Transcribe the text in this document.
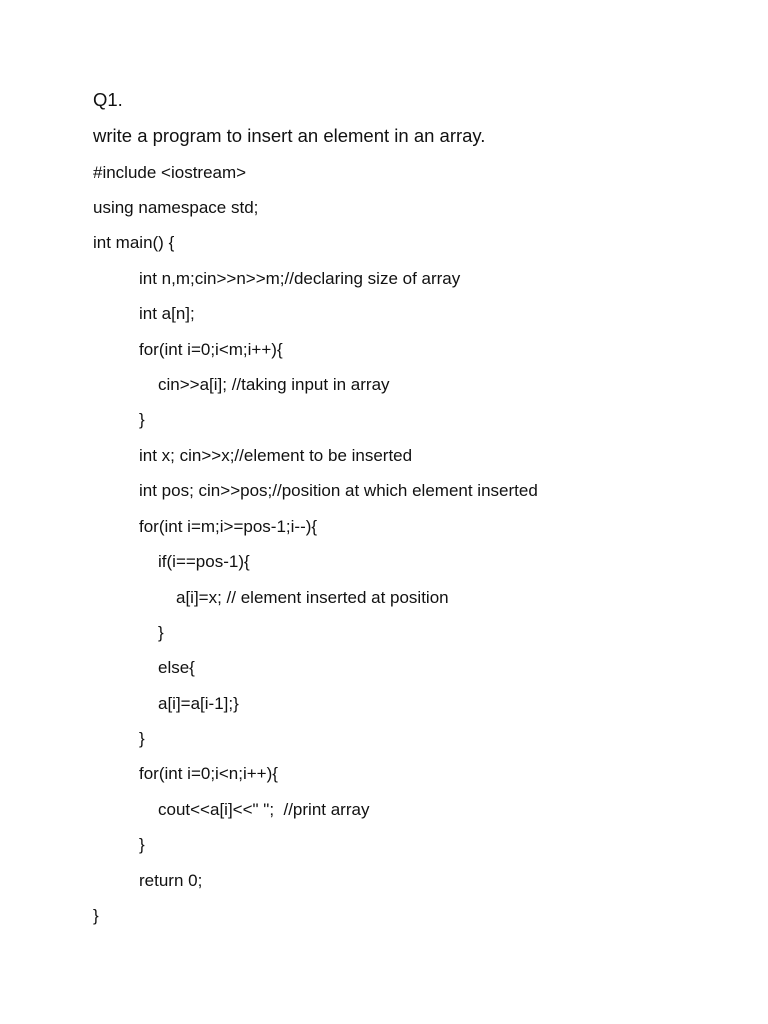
Q1.
write a program to insert an element in an array.

#include <iostream>

using namespace std;

int main() {

int n,m;cin>>n>>m;//declaring size of array

int a[n];

for(int i=0;i<m;i++){

cin>>a[i]; //taking input in array

}

int x; cin>>x;//element to be inserted

int pos; cin>>pos;//position at which element inserted

for(int i=m;i>=pos-1;i--){

if(i==pos-1){

a[i]=x; // element inserted at position

}

else{

a[i]=a[i-1];}

}

for(int i=0;i<n;i++){

cout<<a[i]<<" ";  //print array

}

return 0;

}
